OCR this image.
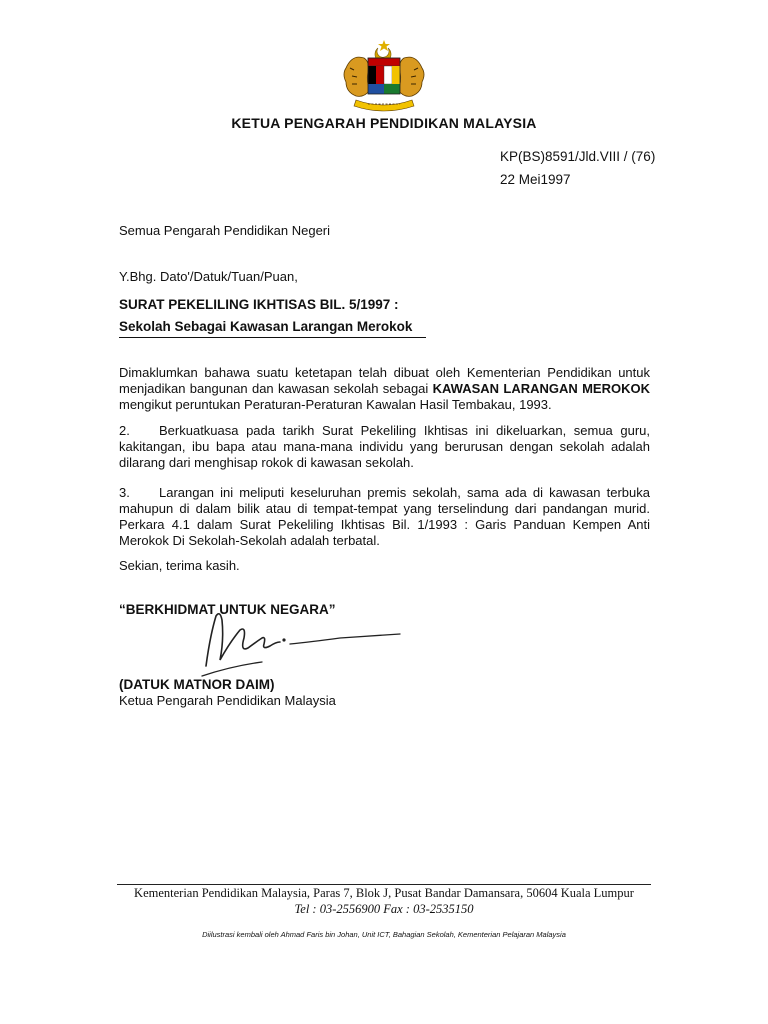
KETUA PENGARAH PENDIDIKAN MALAYSIA
KP(BS)8591/Jld.VIII / (76)
22 Mei1997
Semua Pengarah Pendidikan Negeri
Y.Bhg. Dato'/Datuk/Tuan/Puan,
SURAT PEKELILING IKHTISAS BIL. 5/1997 :
Sekolah Sebagai Kawasan Larangan Merokok
Dimaklumkan bahawa suatu ketetapan telah dibuat oleh Kementerian Pendidikan untuk menjadikan bangunan dan kawasan sekolah sebagai KAWASAN LARANGAN MEROKOK mengikut peruntukan Peraturan-Peraturan Kawalan Hasil Tembakau, 1993.
2. Berkuatkuasa pada tarikh Surat Pekeliling Ikhtisas ini dikeluarkan, semua guru, kakitangan, ibu bapa atau mana-mana individu yang berurusan dengan sekolah adalah dilarang dari menghisap rokok di kawasan sekolah.
3. Larangan ini meliputi keseluruhan premis sekolah, sama ada di kawasan terbuka mahupun di dalam bilik atau di tempat-tempat yang terselindung dari pandangan murid. Perkara 4.1 dalam Surat Pekeliling Ikhtisas Bil. 1/1993 : Garis Panduan Kempen Anti Merokok Di Sekolah-Sekolah adalah terbatal.
Sekian, terima kasih.
“BERKHIDMAT UNTUK NEGARA”
(DATUK MATNOR DAIM)
Ketua Pengarah Pendidikan Malaysia
Kementerian Pendidikan Malaysia, Paras 7, Blok J, Pusat Bandar Damansara, 50604 Kuala Lumpur
Tel : 03-2556900 Fax : 03-2535150
Diilustrasi kembali oleh Ahmad Faris bin Johan, Unit ICT, Bahagian Sekolah, Kementerian Pelajaran Malaysia
